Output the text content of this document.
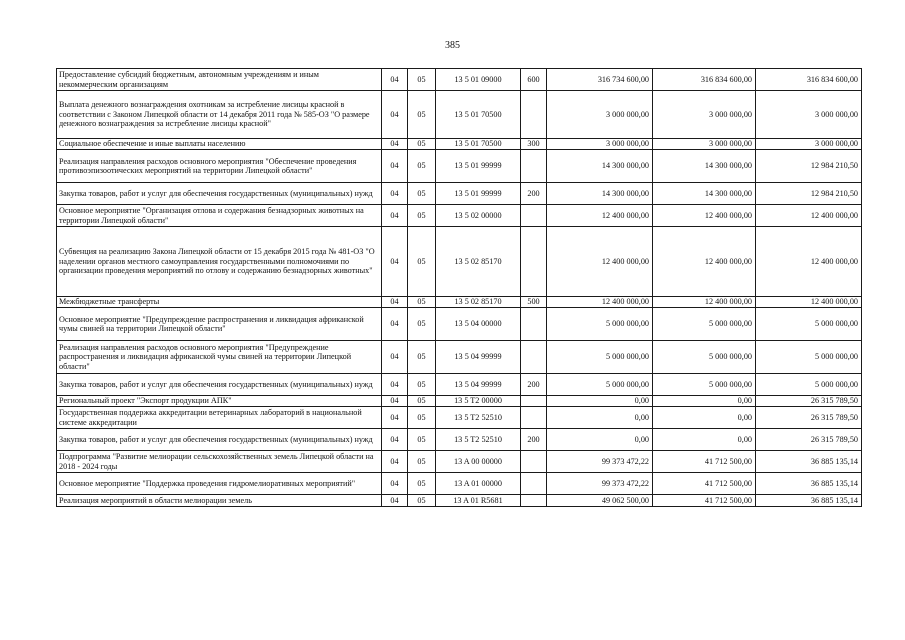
385
Предоставление субсидий бюджетным, автономным учреждениям и иным некоммерческим организациям	04	05	13 5 01 09000	600	316 734 600,00	316 834 600,00	316 834 600,00
Выплата денежного вознаграждения охотникам за истребление лисицы красной в соответствии с Законом Липецкой области от 14 декабря 2011 года № 585-ОЗ "О размере денежного вознаграждения за истребление лисицы красной"	04	05	13 5 01 70500		3 000 000,00	3 000 000,00	3 000 000,00
Социальное обеспечение и иные выплаты населению	04	05	13 5 01 70500	300	3 000 000,00	3 000 000,00	3 000 000,00
Реализация направления расходов основного мероприятия "Обеспечение проведения противоэпизоотических мероприятий на территории Липецкой области"	04	05	13 5 01 99999		14 300 000,00	14 300 000,00	12 984 210,50
Закупка товаров, работ и услуг для обеспечения государственных (муниципальных) нужд	04	05	13 5 01 99999	200	14 300 000,00	14 300 000,00	12 984 210,50
Основное мероприятие "Организация отлова и содержания безнадзорных животных на территории Липецкой области"	04	05	13 5 02 00000		12 400 000,00	12 400 000,00	12 400 000,00
Субвенция на реализацию Закона Липецкой области от 15 декабря 2015 года № 481-ОЗ "О наделении органов местного самоуправления государственными полномочиями по организации проведения мероприятий по отлову и содержанию безнадзорных животных"	04	05	13 5 02 85170		12 400 000,00	12 400 000,00	12 400 000,00
Межбюджетные трансферты	04	05	13 5 02 85170	500	12 400 000,00	12 400 000,00	12 400 000,00
Основное мероприятие "Предупреждение распространения и ликвидация африканской чумы свиней на территории Липецкой области"	04	05	13 5 04 00000		5 000 000,00	5 000 000,00	5 000 000,00
Реализация направления расходов основного мероприятия "Предупреждение распространения и ликвидация африканской чумы свиней на территории Липецкой области"	04	05	13 5 04 99999		5 000 000,00	5 000 000,00	5 000 000,00
Закупка товаров, работ и услуг для обеспечения государственных (муниципальных) нужд	04	05	13 5 04 99999	200	5 000 000,00	5 000 000,00	5 000 000,00
Региональный проект "Экспорт продукции АПК"	04	05	13 5 T2 00000		0,00	0,00	26 315 789,50
Государственная поддержка аккредитации ветеринарных лабораторий в национальной системе аккредитации	04	05	13 5 T2 52510		0,00	0,00	26 315 789,50
Закупка товаров, работ и услуг для обеспечения государственных (муниципальных) нужд	04	05	13 5 T2 52510	200	0,00	0,00	26 315 789,50
Подпрограмма "Развитие мелиорации сельскохозяйственных земель Липецкой области на 2018 - 2024 годы	04	05	13 A 00 00000		99 373 472,22	41 712 500,00	36 885 135,14
Основное мероприятие "Поддержка проведения гидромелиоративных мероприятий"	04	05	13 A 01 00000		99 373 472,22	41 712 500,00	36 885 135,14
Реализация мероприятий в области мелиорации земель	04	05	13 A 01 R5681		49 062 500,00	41 712 500,00	36 885 135,14
